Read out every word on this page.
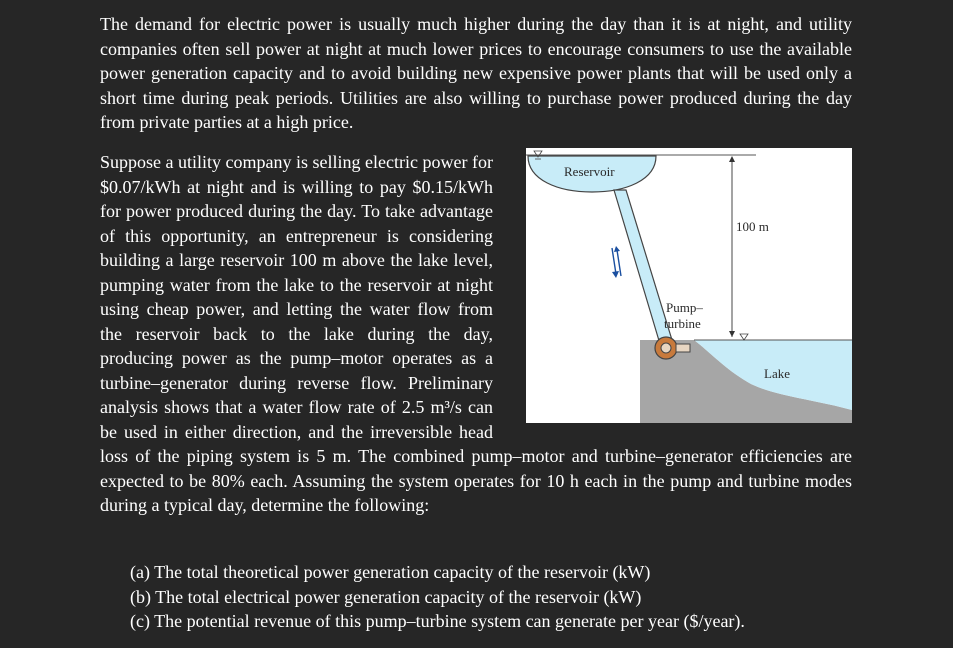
The demand for electric power is usually much higher during the day than it is at night, and utility companies often sell power at night at much lower prices to encourage consumers to use the available power generation capacity and to avoid building new expensive power plants that will be used only a short time during peak periods. Utilities are also willing to purchase power produced during the day from private parties at a high price.

Suppose a utility company is selling electric power for $0.07/kWh at night and is willing to pay $0.15/kWh for power produced during the day. To take advantage of this opportunity, an entrepreneur is considering building a large reservoir 100 m above the lake level, pumping water from the lake to the reservoir at night using cheap power, and letting the water flow from the reservoir back to the lake during the day, producing power as the pump–motor operates as a turbine–generator during reverse flow. Preliminary analysis shows that a water flow rate of 2.5 m³/s can be used in either direction, and the irreversible head loss of the piping system is 5 m. The combined pump–motor and turbine–generator efficiencies are expected to be 80% each. Assuming the system operates for 10 h each in the pump and turbine modes during a typical day, determine the following:
Reservoir
100 m
Pump–
turbine
Lake
(a) The total theoretical power generation capacity of the reservoir (kW)
(b) The total electrical power generation capacity of the reservoir (kW)
(c) The potential revenue of this pump–turbine system can generate per year ($/year).
